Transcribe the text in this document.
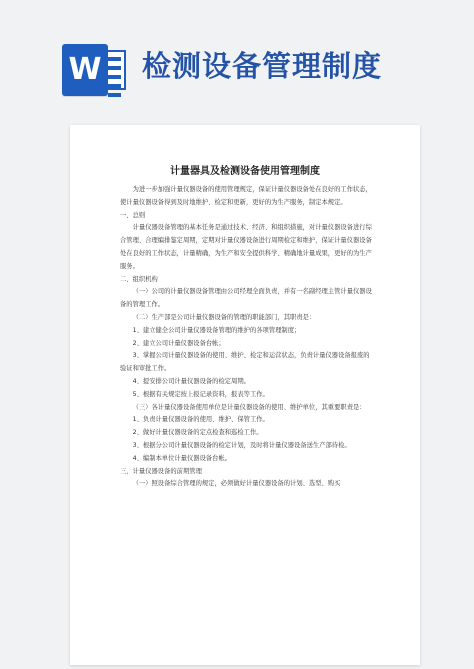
W 检测设备管理制度
计量器具及检测设备使用管理制度

为进一步加强计量仪器设备的使用管理规定，保证计量仪器设备处在良好的工作状态，使计量仪器设备得到及时地维护、检定和更新，更好的为生产服务，制定本规定。

一、总则

计量仪器设备管理的基本任务是通过技术、经济、和组织措施，对计量仪器设备进行综合管理、合理编排鉴定周期，定期对计量仪器设备进行周期检定和维护，保证计量仪器设备处在良好的工作状态，计量精确，为生产和安全提供科学、精确地计量成果，更好的为生产服务。

二、组织机构

（一）公司的计量仪器设备管理由公司经理全面负责，并有一名副经理主管计量仪器设备的管理工作。

（二）生产部是公司计量仪器设备的管理的职能部门，其职责是：

1、建立健全公司计量仪器设备管理的维护的各项管理制度；

2、建立公司计量仪器设备台帐；

3、掌握公司计量仪器设备的使用、维护、检定和运营状态，负责计量仪器设备报废的验证和审批工作。

4、提安排公司计量仪器设备的检定周期。

5、根据有关规定按上报记录资料，报表等工作。

（三）各计量仪器设备使用单位是计量仪器设备的使用、维护单位，其重要职责是：

1、负责计量仪器设备的使用、维护、保管工作。

2、做好计量仪器设备的定点检查和巡检工作。

3、根据分公司计量仪器设备的检定计划，及时将计量仪器设备送生产部待检。

4、编制本单位计量仪器设备台帐。

三、计量仪器设备的前期管理

（一）照设备综合管理的规定，必须做好计量仪器设备的计划、选型、购买
